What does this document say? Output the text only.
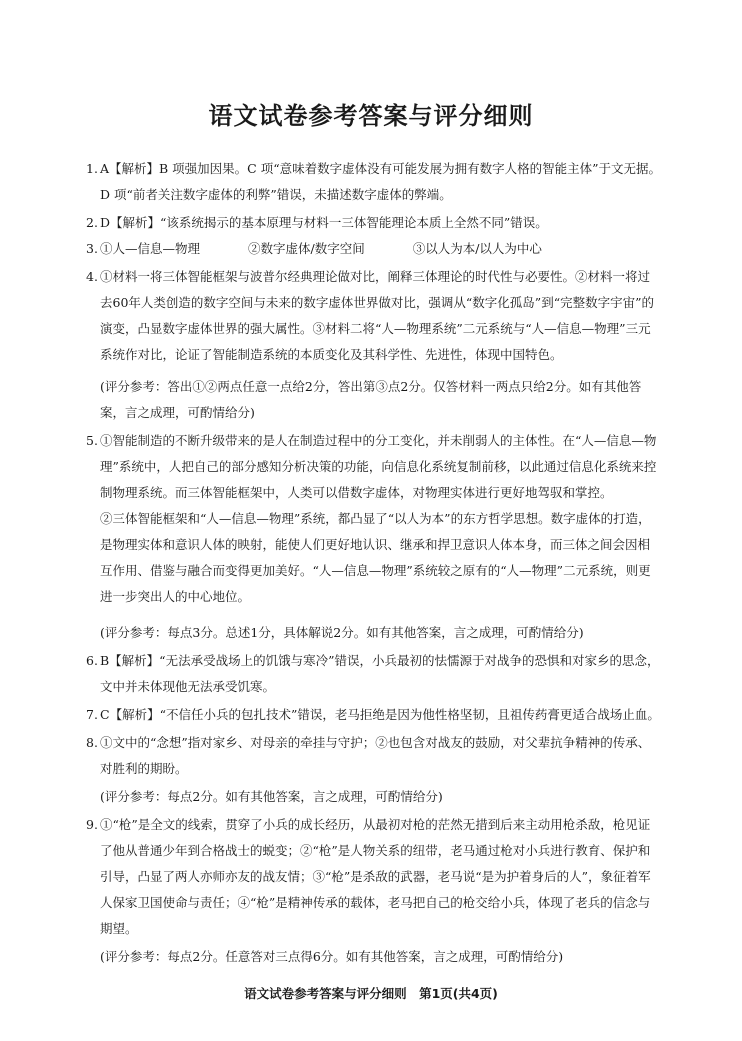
语文试卷参考答案与评分细则
1. A【解析】B 项强加因果。C 项“意味着数字虚体没有可能发展为拥有数字人格的智能主体”于文无据。D 项“前者关注数字虚体的利弊”错误，未描述数字虚体的弊端。
2. D【解析】“该系统揭示的基本原理与材料一三体智能理论本质上全然不同”错误。
3. ①人—信息—物理	②数字虚体/数字空间	③以人为本/以人为中心
4. ①材料一将三体智能框架与波普尔经典理论做对比，阐释三体理论的时代性与必要性。②材料一将过去60年人类创造的数字空间与未来的数字虚体世界做对比，强调从“数字化孤岛”到“完整数字宇宙”的演变，凸显数字虚体世界的强大属性。③材料二将“人—物理系统”二元系统与“人—信息—物理”三元系统作对比，论证了智能制造系统的本质变化及其科学性、先进性，体现中国特色。
(评分参考：答出①②两点任意一点给2分，答出第③点2分。仅答材料一两点只给2分。如有其他答案，言之成理，可酌情给分)
5. ①智能制造的不断升级带来的是人在制造过程中的分工变化，并未削弱人的主体性。在“人—信息—物理”系统中，人把自己的部分感知分析决策的功能，向信息化系统复制前移，以此通过信息化系统来控制物理系统。而三体智能框架中，人类可以借数字虚体，对物理实体进行更好地驾驭和掌控。
②三体智能框架和“人—信息—物理”系统，都凸显了“以人为本”的东方哲学思想。数字虚体的打造，是物理实体和意识人体的映射，能使人们更好地认识、继承和捍卫意识人体本身，而三体之间会因相互作用、借鉴与融合而变得更加美好。“人—信息—物理”系统较之原有的“人—物理”二元系统，则更进一步突出人的中心地位。
(评分参考：每点3分。总述1分，具体解说2分。如有其他答案，言之成理，可酌情给分)
6. B【解析】“无法承受战场上的饥饿与寒冷”错误，小兵最初的怯懦源于对战争的恐惧和对家乡的思念，文中并未体现他无法承受饥寒。
7. C【解析】“不信任小兵的包扎技术”错误，老马拒绝是因为他性格坚韧，且祖传药膏更适合战场止血。
8. ①文中的“念想”指对家乡、对母亲的牵挂与守护；②也包含对战友的鼓励，对父辈抗争精神的传承、对胜利的期盼。
(评分参考：每点2分。如有其他答案，言之成理，可酌情给分)
9. ①“枪”是全文的线索，贯穿了小兵的成长经历，从最初对枪的茫然无措到后来主动用枪杀敌，枪见证了他从普通少年到合格战士的蜕变；②“枪”是人物关系的纽带，老马通过枪对小兵进行教育、保护和引导，凸显了两人亦师亦友的战友情；③“枪”是杀敌的武器，老马说“是为护着身后的人”，象征着军人保家卫国使命与责任；④“枪”是精神传承的载体，老马把自己的枪交给小兵，体现了老兵的信念与期望。
(评分参考：每点2分。任意答对三点得6分。如有其他答案，言之成理，可酌情给分)
语文试卷参考答案与评分细则　第1页(共4页)
